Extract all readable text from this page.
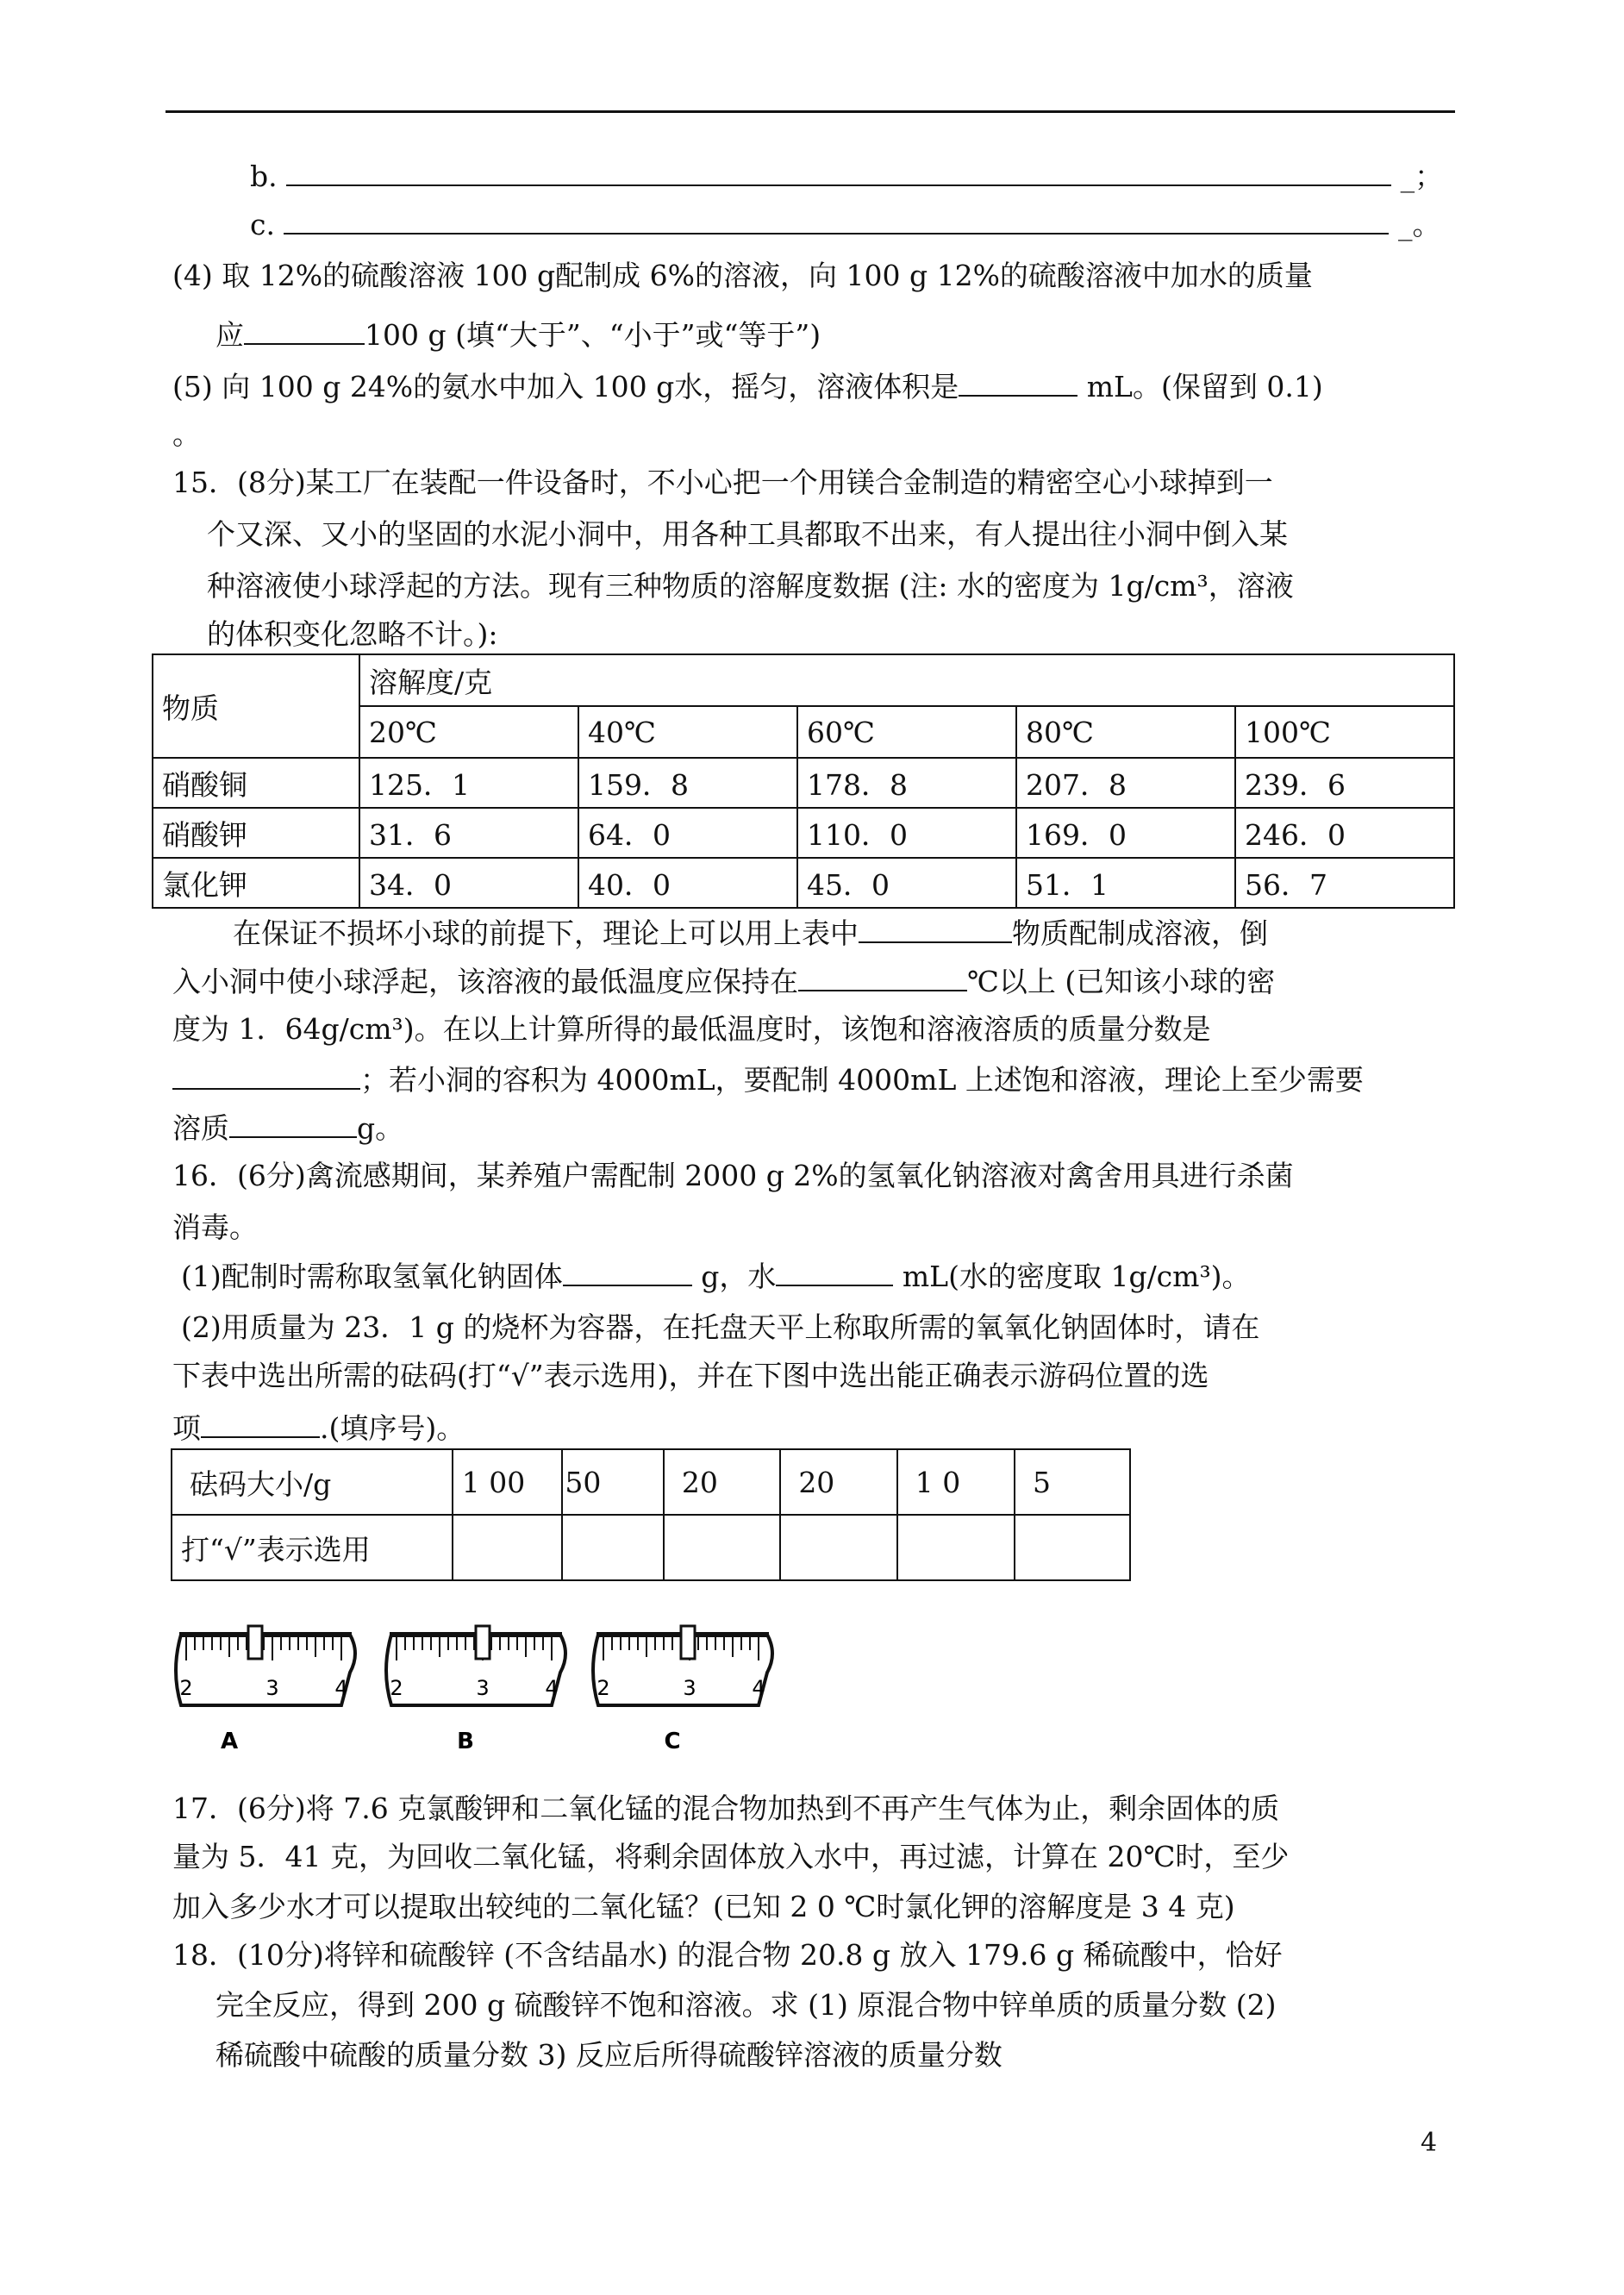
b.	_；
c.	_。
(4) 取 12%的硫酸溶液 100 g配制成 6%的溶液，向 100 g 12%的硫酸溶液中加水的质量
应	100 g (填“大于”、“小于”或“等于”)
(5) 向 100 g 24%的氨水中加入 100 g水，摇匀，溶液体积是	mL。(保留到 0.1)
。
15．(8分)某工厂在装配一件设备时，不小心把一个用镁合金制造的精密空心小球掉到一
个又深、又小的坚固的水泥小洞中，用各种工具都取不出来，有人提出往小洞中倒入某
种溶液使小球浮起的方法。现有三种物质的溶解度数据 (注: 水的密度为 1g/cm³，溶液
的体积变化忽略不计。):
物质	溶解度/克				
	20℃	40℃	60℃	80℃	100℃
硝酸铜	125．1	159．8	178．8	207．8	239．6
硝酸钾	31．6	64．0	110．0	169．0	246．0
氯化钾	34．0	40．0	45．0	51．1	56．7
在保证不损坏小球的前提下，理论上可以用上表中	物质配制成溶液，倒
入小洞中使小球浮起，该溶液的最低温度应保持在	℃以上 (已知该小球的密
度为 1．64g/cm³)。在以上计算所得的最低温度时，该饱和溶液溶质的质量分数是
；若小洞的容积为 4000mL，要配制 4000mL 上述饱和溶液，理论上至少需要
溶质	g。
16．(6分)禽流感期间，某养殖户需配制 2000 g 2%的氢氧化钠溶液对禽舍用具进行杀菌
消毒。
(1)配制时需称取氢氧化钠固体	g，水	mL(水的密度取 1g/cm³)。
(2)用质量为 23．1 g 的烧杯为容器，在托盘天平上称取所需的氧氧化钠固体时，请在
下表中选出所需的砝码(打“√”表示选用)，并在下图中选出能正确表示游码位置的选
项	.(填序号)。
砝码大小/g	1 00	50	20	20	1 0	5
打“√”表示选用						
2	3	4
A
2	3	4
B
2	3	4
C
17．(6分)将 7.6 克氯酸钾和二氧化锰的混合物加热到不再产生气体为止，剩余固体的质
量为 5．41 克，为回收二氧化锰，将剩余固体放入水中，再过滤，计算在 20℃时，至少
加入多少水才可以提取出较纯的二氧化锰？(已知 2 0 ℃时氯化钾的溶解度是 3 4 克)
18．(10分)将锌和硫酸锌 (不含结晶水) 的混合物 20.8 g 放入 179.6 g 稀硫酸中，恰好
完全反应，得到 200 g 硫酸锌不饱和溶液。求 (1) 原混合物中锌单质的质量分数 (2)
稀硫酸中硫酸的质量分数 3) 反应后所得硫酸锌溶液的质量分数
4
